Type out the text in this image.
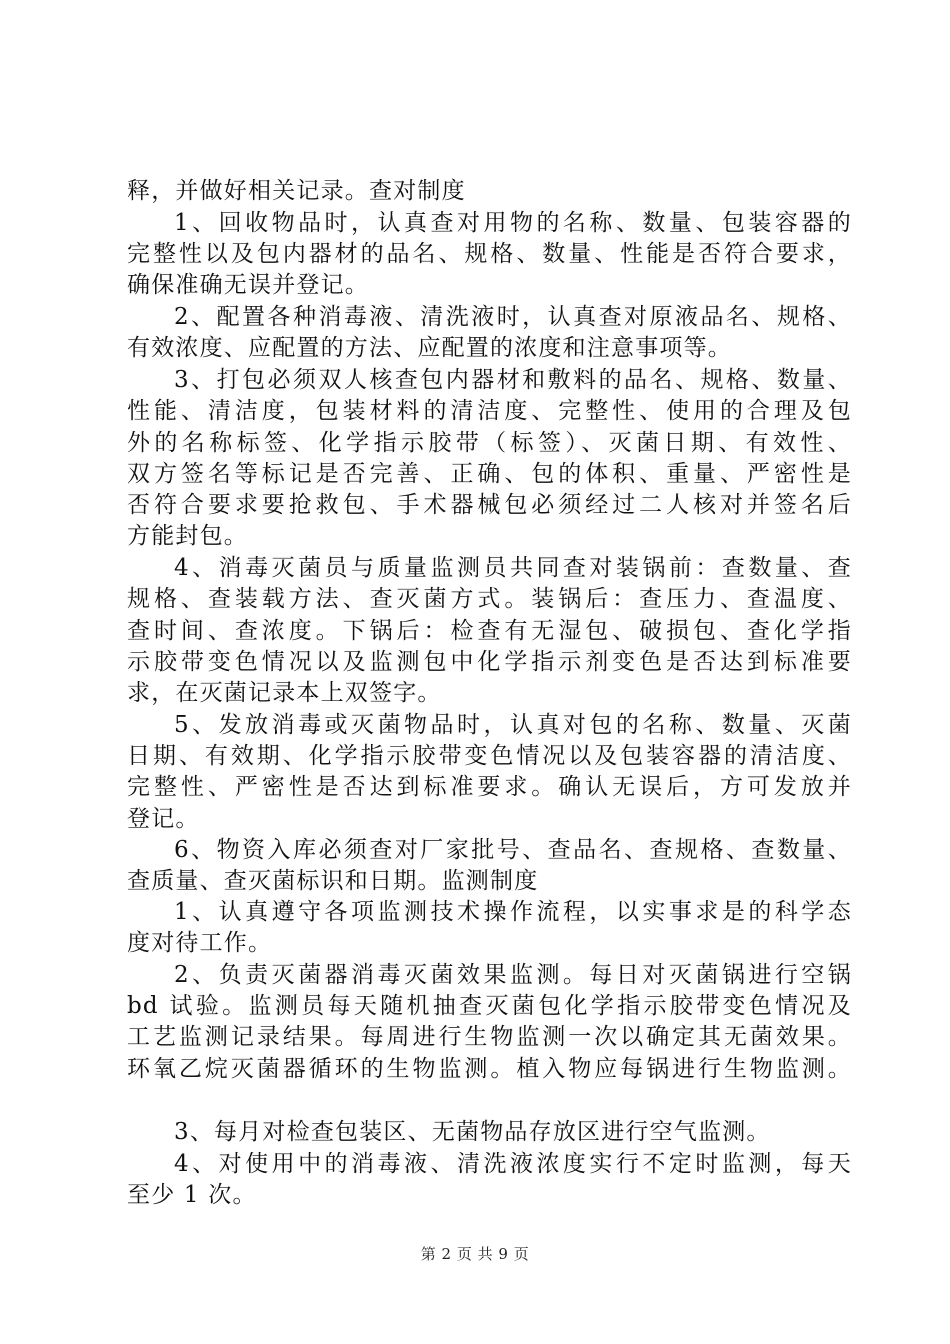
释，并做好相关记录。查对制度
1、回收物品时，认真查对用物的名称、数量、包装容器的
完整性以及包内器材的品名、规格、数量、性能是否符合要求，
确保准确无误并登记。
2、配置各种消毒液、清洗液时，认真查对原液品名、规格、
有效浓度、应配置的方法、应配置的浓度和注意事项等。
3、打包必须双人核查包内器材和敷料的品名、规格、数量、
性能、清洁度，包装材料的清洁度、完整性、使用的合理及包
外的名称标签、化学指示胶带（标签）、灭菌日期、有效性、
双方签名等标记是否完善、正确、包的体积、重量、严密性是
否符合要求要抢救包、手术器械包必须经过二人核对并签名后
方能封包。
4、消毒灭菌员与质量监测员共同查对装锅前：查数量、查
规格、查装载方法、查灭菌方式。装锅后：查压力、查温度、
查时间、查浓度。下锅后：检查有无湿包、破损包、查化学指
示胶带变色情况以及监测包中化学指示剂变色是否达到标准要
求，在灭菌记录本上双签字。
5、发放消毒或灭菌物品时，认真对包的名称、数量、灭菌
日期、有效期、化学指示胶带变色情况以及包装容器的清洁度、
完整性、严密性是否达到标准要求。确认无误后，方可发放并
登记。
6、物资入库必须查对厂家批号、查品名、查规格、查数量、
查质量、查灭菌标识和日期。监测制度
1、认真遵守各项监测技术操作流程，以实事求是的科学态
度对待工作。
2、负责灭菌器消毒灭菌效果监测。每日对灭菌锅进行空锅
bd 试验。监测员每天随机抽查灭菌包化学指示胶带变色情况及
工艺监测记录结果。每周进行生物监测一次以确定其无菌效果。
环氧乙烷灭菌器循环的生物监测。植入物应每锅进行生物监测。
3、每月对检查包装区、无菌物品存放区进行空气监测。
4、对使用中的消毒液、清洗液浓度实行不定时监测，每天
至少 1 次。
第 2 页 共 9 页
